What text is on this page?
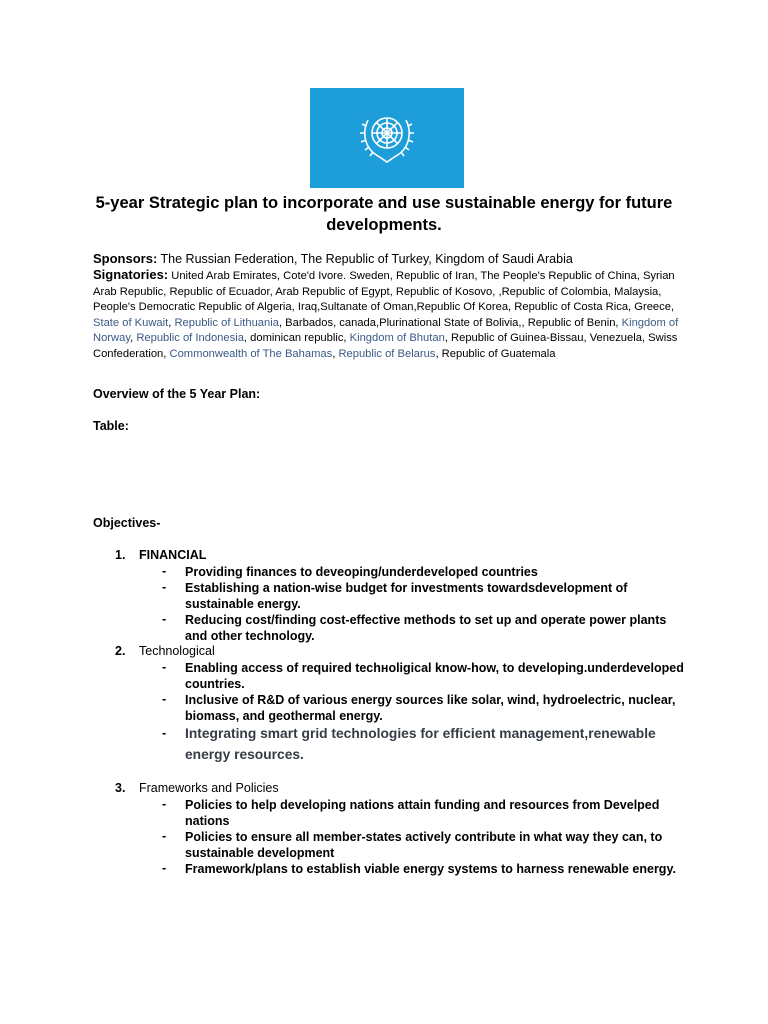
5-year Strategic plan to incorporate and use sustainable energy for future developments.
Sponsors: The Russian Federation, The Republic of Turkey, Kingdom of Saudi Arabia
Signatories: United Arab Emirates, Cote'd Ivore. Sweden, Republic of Iran, The People's Republic of China, Syrian Arab Republic, Republic of Ecuador, Arab Republic of Egypt, Republic of Kosovo, ,Republic of Colombia, Malaysia, People's Democratic Republic of Algeria, Iraq,Sultanate of Oman,Republic Of Korea, Republic of Costa Rica, Greece, State of Kuwait, Republic of Lithuania, Barbados, canada,Plurinational State of Bolivia,, Republic of Benin, Kingdom of Norway, Republic of Indonesia, dominican republic, Kingdom of Bhutan, Republic of Guinea-Bissau, Venezuela, Swiss Confederation, Commonwealth of The Bahamas, Republic of Belarus, Republic of Guatemala
Overview of the 5 Year Plan:
Table:
Objectives-
1.	FINANCIAL
- Providing finances to deveoping/underdeveloped countries
- Establishing a nation-wise budget for investments towardsdevelopment of sustainable energy.
- Reducing cost/finding cost-effective methods to set up and operate power plants and other technology.
2.	Technological
- Enabling access of required techноligical know-how, to developing.underdeveloped countries.
- Inclusive of R&D of various energy sources like solar, wind, hydroelectric, nuclear, biomass, and geothermal energy.
- Integrating smart grid technologies for efficient management,renewable energy resources.
3.	Frameworks and Policies
- Policies to help developing nations attain funding and resources from Develped nations
- Policies to ensure all member-states actively contribute in what way they can, to sustainable development
- Framework/plans to establish viable energy systems to harness renewable energy.
